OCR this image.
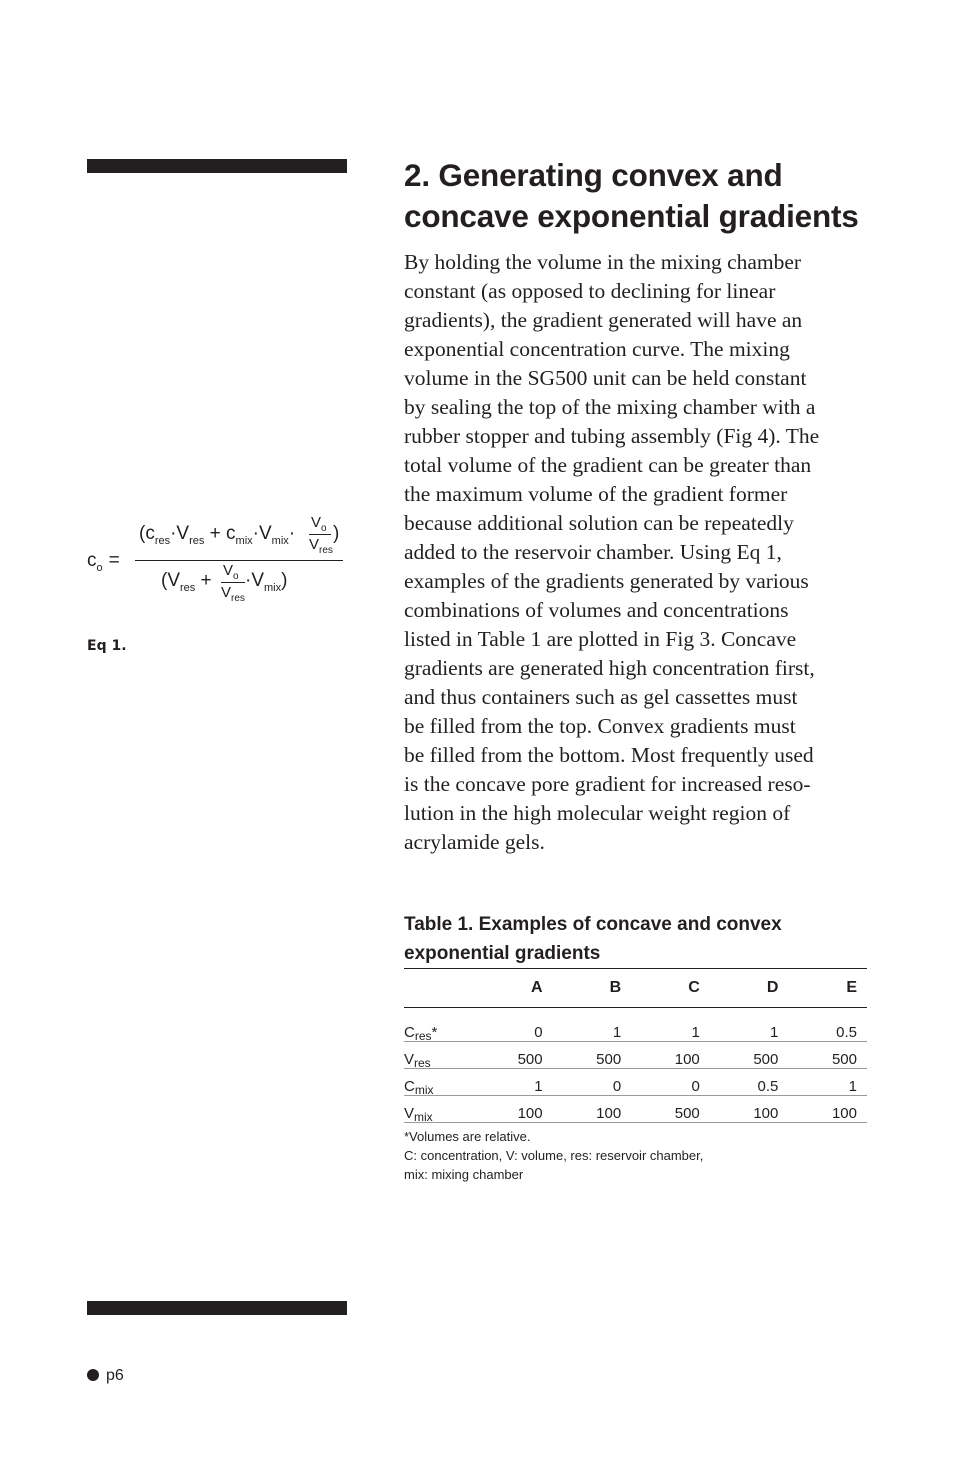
$c_o$ =
($c_{res}\cdot V_{res} + c_{mix}\cdot V_{mix}\cdot$
$V_o$
$V_{res}$
)
($V_{res} + V_o$
$V_{res}$
$\cdot V_{mix}$)
Eq 1.
2. Generating convex and
concave exponential gradients

By holding the volume in the mixing chamber
constant (as opposed to declining for linear
gradients), the gradient generated will have an
exponential concentration curve. The mixing
volume in the SG500 unit can be held constant
by sealing the top of the mixing chamber with a
rubber stopper and tubing assembly (Fig 4). The
total volume of the gradient can be greater than
the maximum volume of the gradient former
because additional solution can be repeatedly
added to the reservoir chamber. Using Eq 1,
examples of the gradients generated by various
combinations of volumes and concentrations
listed in Table 1 are plotted in Fig 3. Concave
gradients are generated high concentration first,
and thus containers such as gel cassettes must
be filled from the top. Convex gradients must
be filled from the bottom. Most frequently used
is the concave pore gradient for increased reso-
lution in the high molecular weight region of
acrylamide gels.

Table 1. Examples of concave and convex
exponential gradients
	A	B	C	D	E
$C_{res}*$	0	1	1	1	0.5
$V_{res}$	500	500	100	500	500
$C_{mix}$	1	0	0	0.5	1
$V_{mix}$	100	100	500	100	100
*Volumes are relative.
C: concentration, V: volume, res: reservoir chamber,
mix: mixing chamber
p6
